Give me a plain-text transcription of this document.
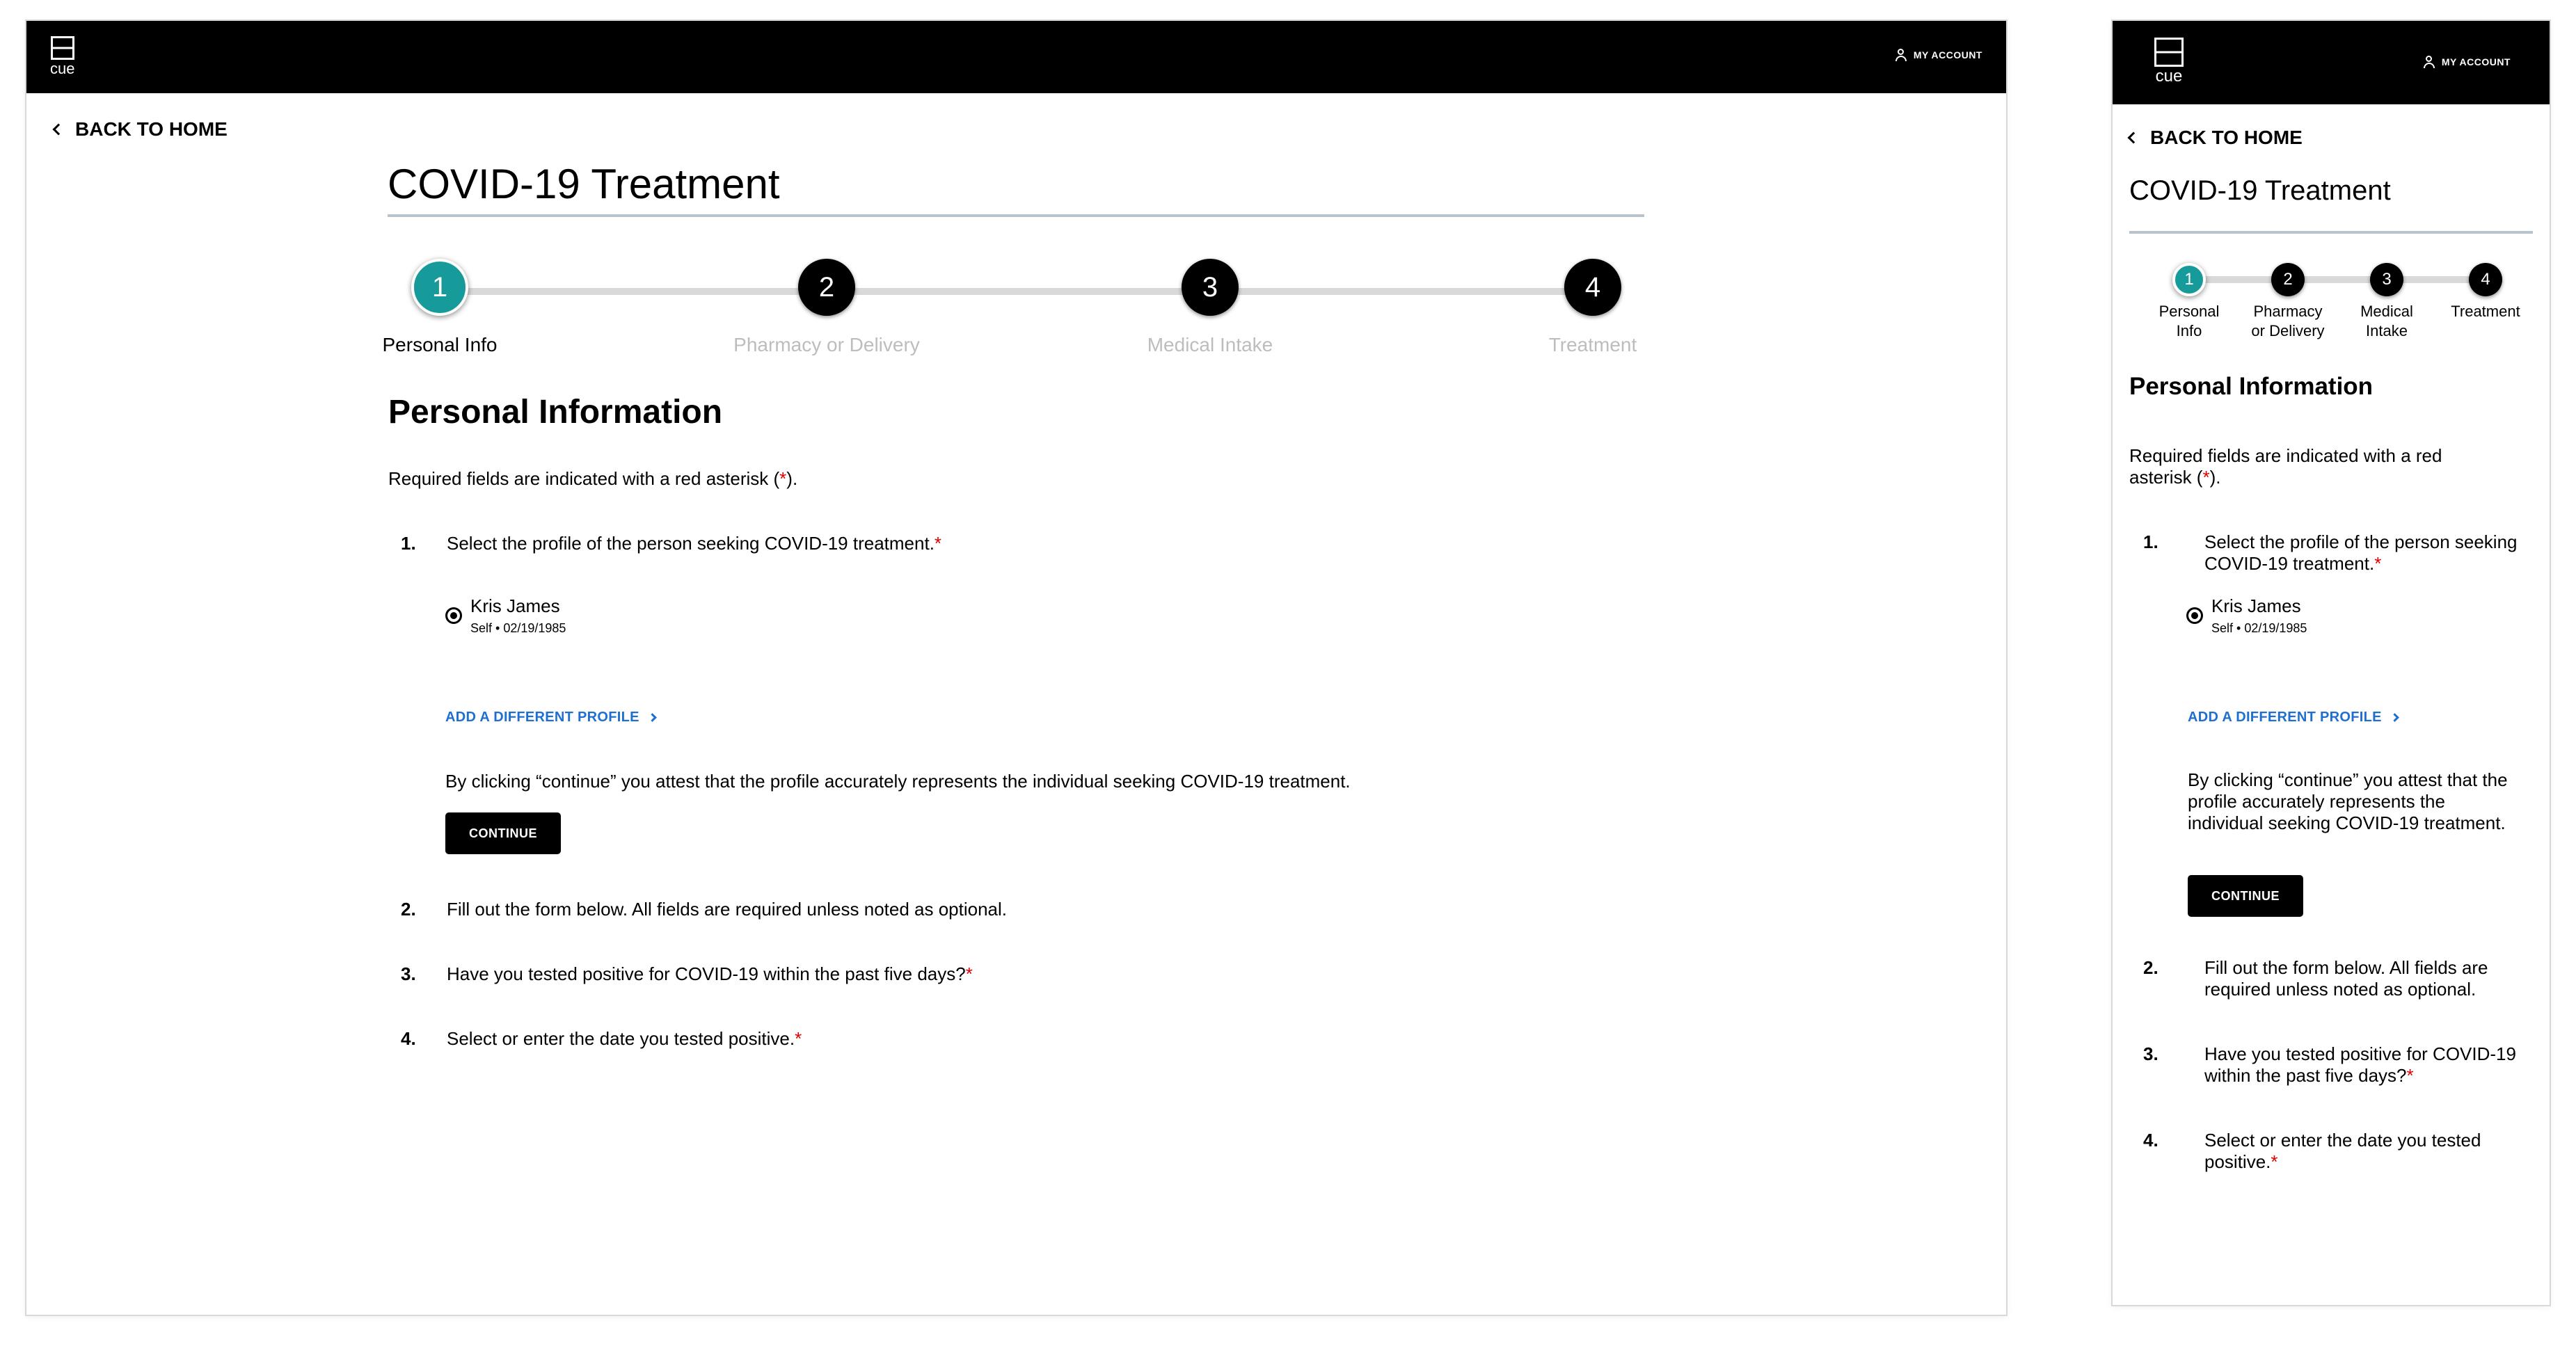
cue
MY ACCOUNT
BACK TO HOME
COVID-19 Treatment
1	2	3	4
Personal Info	Pharmacy or Delivery	Medical Intake	Treatment
Personal Information

Required fields are indicated with a red asterisk (*).

1.	Select the profile of the person seeking COVID-19 treatment.*
Kris James
Self • 02/19/1985
ADD A DIFFERENT PROFILE

By clicking “continue” you attest that the profile accurately represents the individual seeking COVID-19 treatment.

CONTINUE
2.	Fill out the form below. All fields are required unless noted as optional.
3.	Have you tested positive for COVID-19 within the past five days?*
4.	Select or enter the date you tested positive.*
cue
MY ACCOUNT
BACK TO HOME
COVID-19 Treatment
1	2	3	4
Personal
Info
Pharmacy
or Delivery
Medical
Intake
Treatment
Personal Information

Required fields are indicated with a red asterisk (*).

1.	Select the profile of the person seeking COVID-19 treatment.*
Kris James
Self • 02/19/1985
ADD A DIFFERENT PROFILE

By clicking “continue” you attest that the profile accurately represents the individual seeking COVID-19 treatment.

CONTINUE
2.	Fill out the form below. All fields are required unless noted as optional.
3.	Have you tested positive for COVID-19 within the past five days?*
4.	Select or enter the date you tested positive.*
